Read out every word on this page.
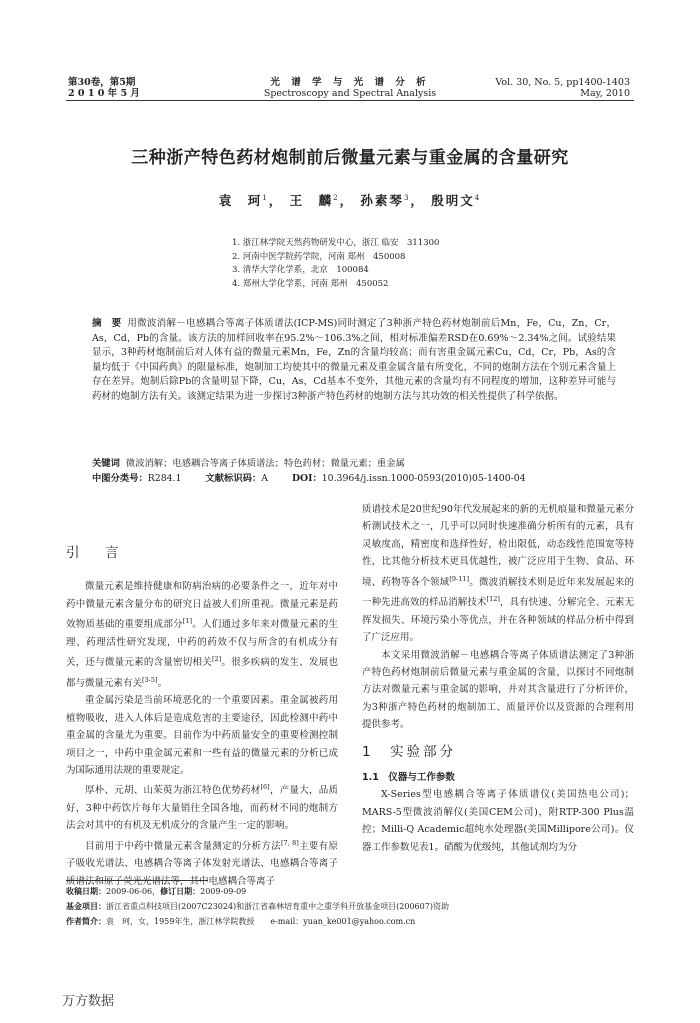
第30卷，第5期
2 0 1 0 年 5 月
光 谱 学 与 光 谱 分 析
Spectroscopy and Spectral Analysis
Vol. 30, No. 5, pp1400-1403
May, 2010
三种浙产特色药材炮制前后微量元素与重金属的含量研究
袁　珂$^1$， 王　麟$^2$， 孙素琴$^3$， 殷明文$^4$
1. 浙江林学院天然药物研发中心，浙江 临安　311300
2. 河南中医学院药学院，河南 郑州　450008
3. 清华大学化学系，北京　100084
4. 郑州大学化学系，河南 郑州　450052
摘　要 用微波消解－电感耦合等离子体质谱法(ICP-MS)同时测定了3种浙产特色药材炮制前后Mn，Fe，Cu，Zn，Cr，As，Cd，Pb的含量。该方法的加样回收率在95.2%～106.3%之间，相对标准偏差RSD在0.69%～2.34%之间。试验结果显示，3种药材炮制前后对人体有益的微量元素Mn，Fe，Zn的含量均较高；而有害重金属元素Cu，Cd，Cr，Pb，As的含量均低于《中国药典》的限量标准，炮制加工均使其中的微量元素及重金属含量有所变化，不同的炮制方法在个别元素含量上存在差异。炮制后除Pb的含量明显下降，Cu，As，Cd基本不变外，其他元素的含量均有不同程度的增加，这种差异可能与药材的炮制方法有关。该测定结果为进一步探讨3种浙产特色药材的炮制方法与其功效的相关性提供了科学依据。
关键词 微波消解；电感耦合等离子体质谱法；特色药材；微量元素；重金属
中图分类号：R284.1	文献标识码：A	DOI：10.3964/j.issn.1000-0593(2010)05-1400-04

引　言

微量元素是维持健康和防病治病的必要条件之一，近年对中药中微量元素含量分布的研究日益被人们所重视。微量元素是药效物质基础的重要组成部分[1]。人们通过多年来对微量元素的生理、药理活性研究发现，中药的药效不仅与所含的有机成分有关，还与微量元素的含量密切相关[2]。很多疾病的发生、发展也都与微量元素有关[3-5]。

重金属污染是当前环境恶化的一个重要因素。重金属被药用植物吸收，进入人体后是造成危害的主要途径，因此检测中药中重金属的含量尤为重要。目前作为中药质量安全的重要检测控制项目之一，中药中重金属元素和一些有益的微量元素的分析已成为国际通用法规的重要规定。

厚朴、元胡、山茱萸为浙江特色优势药材[6]，产量大，品质好，3种中药饮片每年大量销往全国各地，而药材不同的炮制方法会对其中的有机及无机成分的含量产生一定的影响。

目前用于中药中微量元素含量测定的分析方法[7, 8]主要有原子吸收光谱法、电感耦合等离子体发射光谱法、电感耦合等离子质谱法和原子荧光光谱法等，其中电感耦合等离子

质谱技术是20世纪90年代发展起来的新的无机痕量和微量元素分析测试技术之一，几乎可以同时快速准确分析所有的元素，具有灵敏度高，精密度和选择性好，检出限低，动态线性范围宽等特性，比其他分析技术更具优越性，被广泛应用于生物、食品、环境、药物等各个领域[9-11]。微波消解技术则是近年来发展起来的一种先进高效的样品消解技术[12]，具有快速、分解完全、元素无挥发损失、环境污染小等优点，并在各种领域的样品分析中得到了广泛应用。

本文采用微波消解－电感耦合等离子体质谱法测定了3种浙产特色药材炮制前后微量元素与重金属的含量，以探讨不同炮制方法对微量元素与重金属的影响，并对其含量进行了分析评价，为3种浙产特色药材的炮制加工、质量评价以及资源的合理利用提供参考。

1　实验部分

1.1　仪器与工作参数

X-Series型电感耦合等离子体质谱仪(美国热电公司)；MARS-5型微波消解仪(美国CEM公司)，附RTP-300 Plus温控；Milli-Q Academic超纯水处理器(美国Millipore公司)。仪器工作参数见表1。硝酸为优级纯，其他试剂均为分

收稿日期：2009-06-06，修订日期：2009-09-09
基金项目：浙江省重点科技项目(2007C23024)和浙江省森林培育重中之重学科开放基金项目(200607)资助
作者简介：袁　珂，女，1959年生，浙江林学院教授　　e-mail：yuan_ke001@yahoo.com.cn
万方数据
